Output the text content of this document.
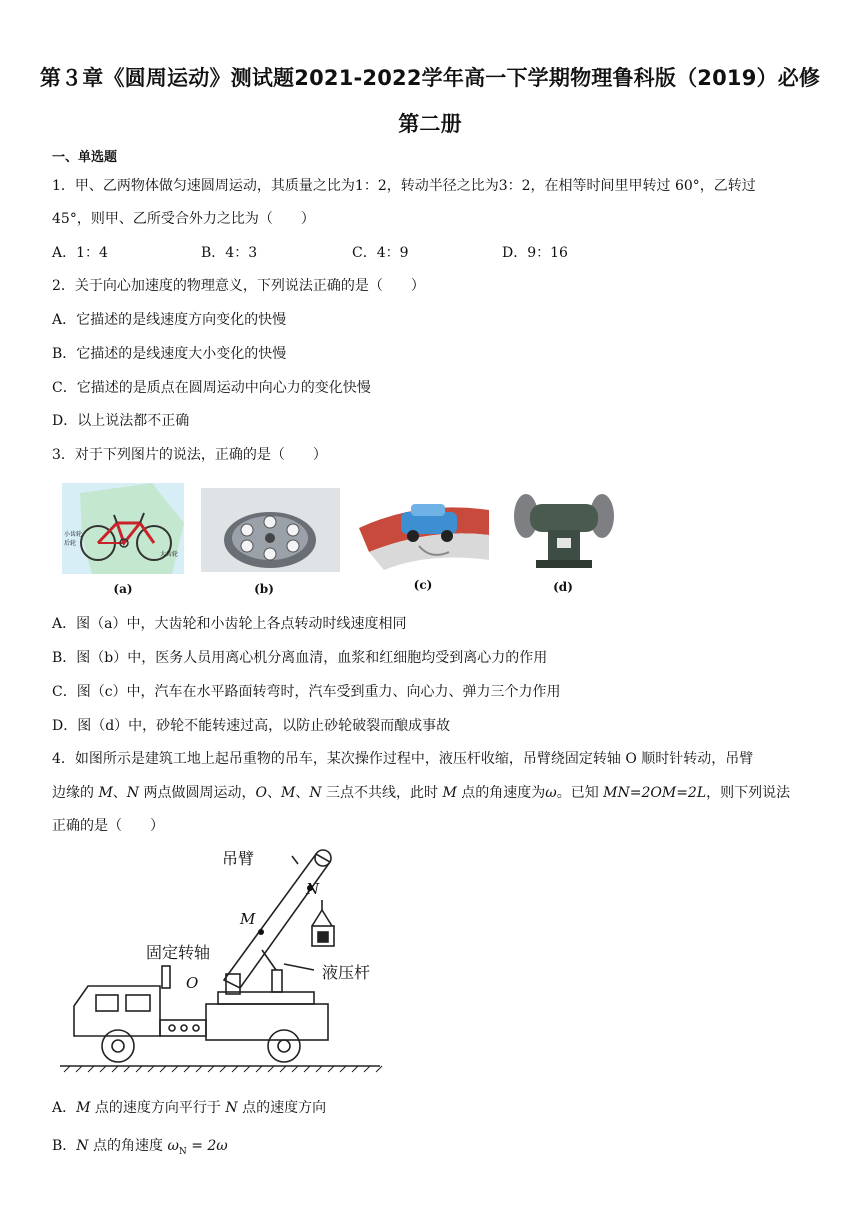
第３章《圆周运动》测试题2021-2022学年高一下学期物理鲁科版（2019）必修
第二册
一、单选题
1．甲、乙两物体做匀速圆周运动，其质量之比为1：2，转动半径之比为3：2，在相等时间里甲转过 60°，乙转过
45°，则甲、乙所受合外力之比为（　　）
A．1：4	B．4：3	C．4：9	D．9：16
2．关于向心加速度的物理意义，下列说法正确的是（　　）
A．它描述的是线速度方向变化的快慢
B．它描述的是线速度大小变化的快慢
C．它描述的是质点在圆周运动中向心力的变化快慢
D．以上说法都不正确
3．对于下列图片的说法，正确的是（　　）
小齿轮
后轮
大齿轮
(a)	(b)	(c)	(d)
A．图（a）中，大齿轮和小齿轮上各点转动时线速度相同
B．图（b）中，医务人员用离心机分离血清，血浆和红细胞均受到离心力的作用
C．图（c）中，汽车在水平路面转弯时，汽车受到重力、向心力、弹力三个力作用
D．图（d）中，砂轮不能转速过高，以防止砂轮破裂而酿成事故
4．如图所示是建筑工地上起吊重物的吊车，某次操作过程中，液压杆收缩，吊臂绕固定转轴 O 顺时针转动，吊臂
边缘的 M、N 两点做圆周运动，O、M、N 三点不共线，此时 M 点的角速度为ω。已知 MN=2OM=2L，则下列说法
正确的是（　　）
吊臂
N
M
固定转轴
液压杆
O
A．M 点的速度方向平行于 N 点的速度方向
B．N 点的角速度 $\omega_N = 2\omega$
